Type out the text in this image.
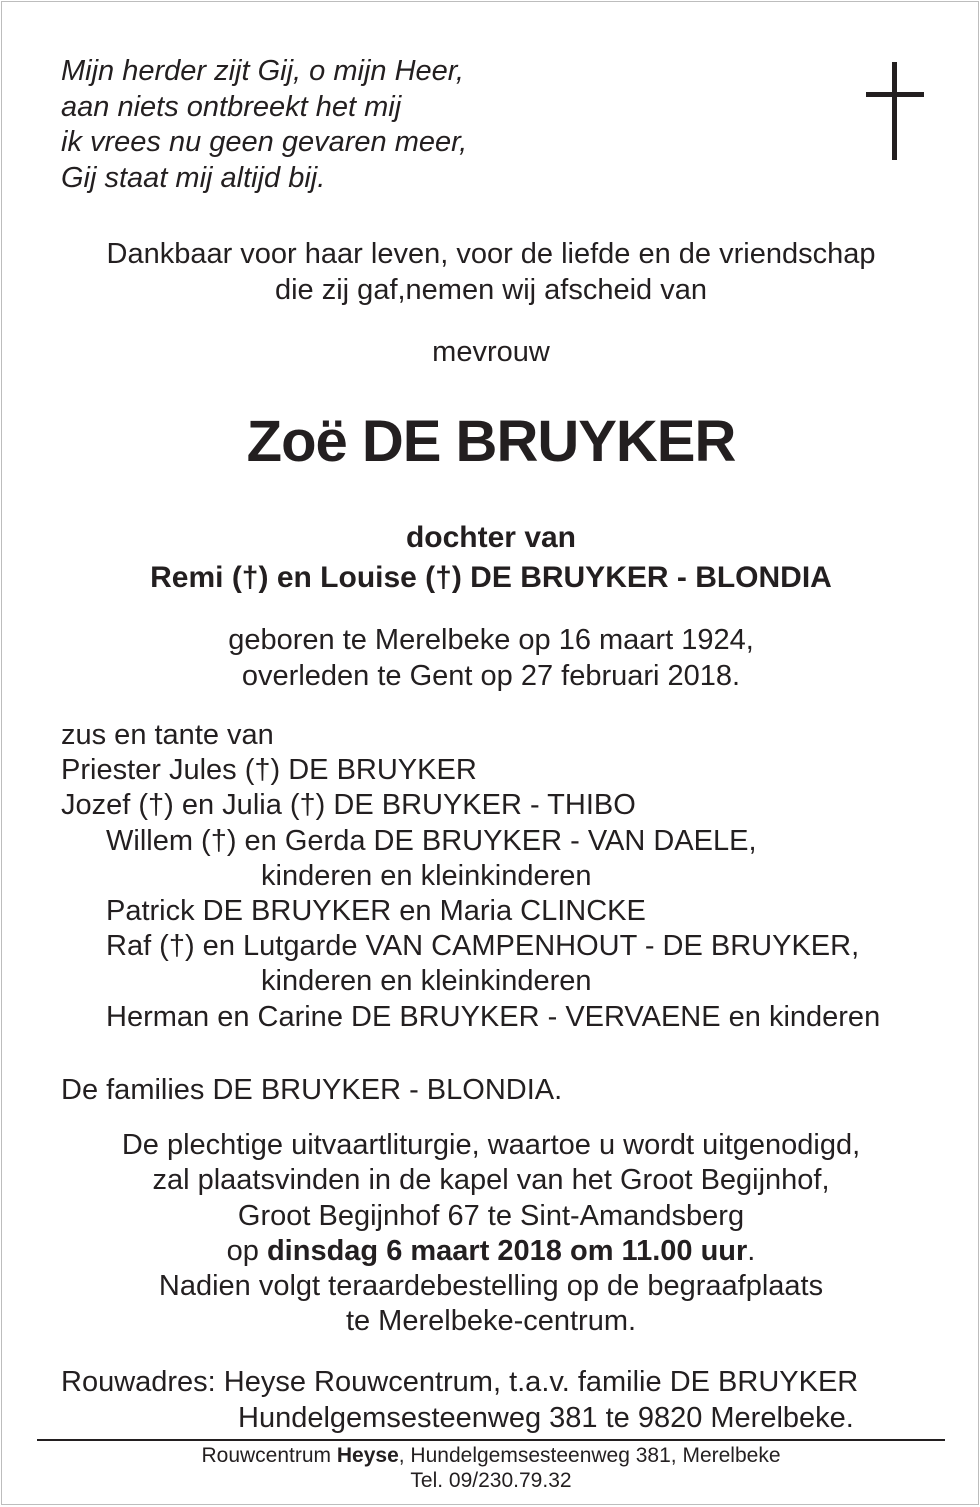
Mijn herder zijt Gij, o mijn Heer,
aan niets ontbreekt het mij
ik vrees nu geen gevaren meer,
Gij staat mij altijd bij.
Dankbaar voor haar leven, voor de liefde en de vriendschap
die zij gaf,nemen wij afscheid van
mevrouw
Zoë DE BRUYKER
dochter van
Remi (†) en Louise (†) DE BRUYKER - BLONDIA
geboren te Merelbeke op 16 maart 1924,
overleden te Gent op 27 februari 2018.
zus en tante van
Priester Jules (†) DE BRUYKER
Jozef (†) en Julia (†) DE BRUYKER - THIBO
Willem (†) en Gerda DE BRUYKER - VAN DAELE,
kinderen en kleinkinderen
Patrick DE BRUYKER en Maria CLINCKE
Raf (†) en Lutgarde VAN CAMPENHOUT - DE BRUYKER,
kinderen en kleinkinderen
Herman en Carine DE BRUYKER - VERVAENE en kinderen
De families DE BRUYKER - BLONDIA.
De plechtige uitvaartliturgie, waartoe u wordt uitgenodigd,
zal plaatsvinden in de kapel van het Groot Begijnhof,
Groot Begijnhof 67 te Sint-Amandsberg
op dinsdag 6 maart 2018 om 11.00 uur.
Nadien volgt teraardebestelling op de begraafplaats
te Merelbeke-centrum.
Rouwadres: Heyse Rouwcentrum, t.a.v. familie DE BRUYKER
Hundelgemsesteenweg 381 te 9820 Merelbeke.
Rouwcentrum Heyse, Hundelgemsesteenweg 381, Merelbeke
Tel. 09/230.79.32
